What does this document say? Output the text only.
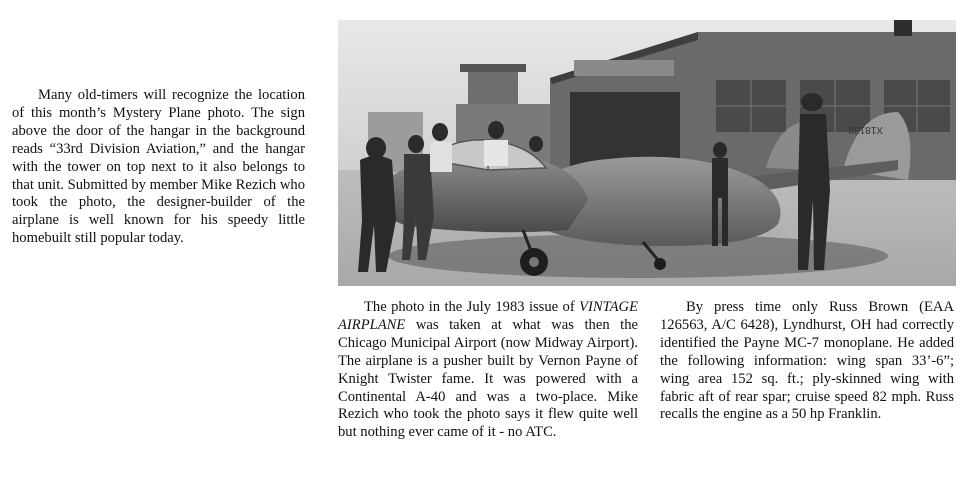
Many old-timers will recognize the location of this month’s Mystery Plane photo. The sign above the door of the hangar in the background reads “33rd Division Aviation,” and the hangar with the tower on top next to it also belongs to that unit. Submitted by member Mike Rezich who took the photo, the designer-builder of the airplane is well known for his speedy little homebuilt still popular today.

X18138

The photo in the July 1983 issue of VINTAGE AIRPLANE was taken at what was then the Chicago Municipal Airport (now Midway Airport). The airplane is a pusher built by Vernon Payne of Knight Twister fame. It was powered with a Continental A-40 and was a two-place. Mike Rezich who took the photo says it flew quite well but nothing ever came of it - no ATC.

By press time only Russ Brown (EAA 126563, A/C 6428), Lyndhurst, OH had correctly identified the Payne MC-7 monoplane. He added the following information: wing span 33’-6”; wing area 152 sq. ft.; ply-skinned wing with fabric aft of rear spar; cruise speed 82 mph. Russ recalls the engine as a 50 hp Franklin.
